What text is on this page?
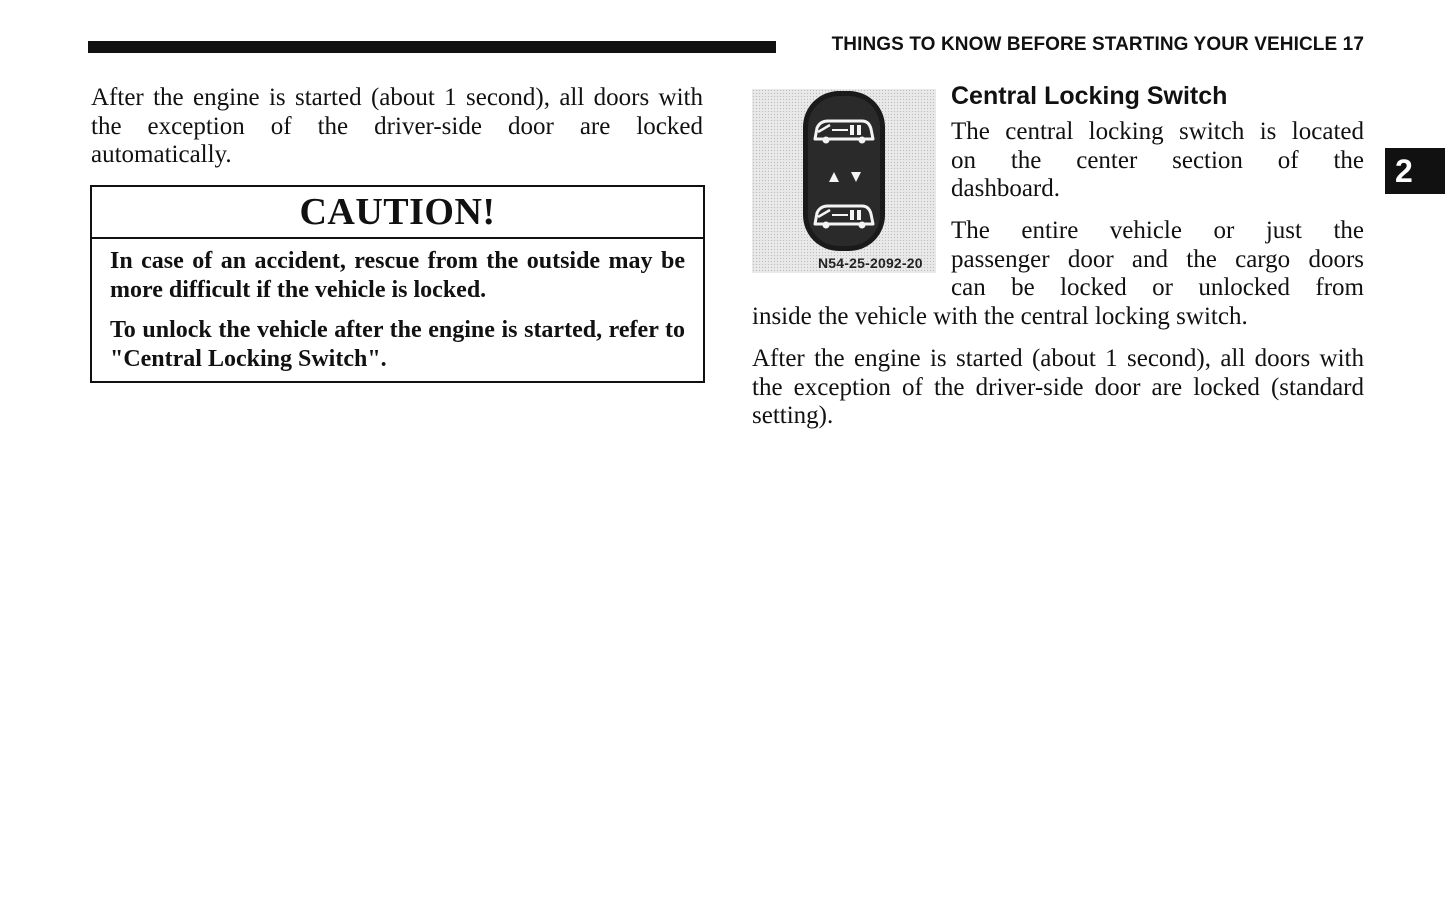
THINGS TO KNOW BEFORE STARTING YOUR VEHICLE 17
2

After the engine is started (about 1 second), all doors with the exception of the driver-side door are locked automatically.

CAUTION!

In case of an accident, rescue from the outside may be more difficult if the vehicle is locked.

To unlock the vehicle after the engine is started, refer to "Central Locking Switch".

N54-25-2092-20
Central Locking Switch
The central locking switch is located
on the center section of the
dashboard.
The entire vehicle or just the
passenger door and the cargo doors
can be locked or unlocked from
inside the vehicle with the central locking switch.

After the engine is started (about 1 second), all doors with the exception of the driver-side door are locked (standard setting).
